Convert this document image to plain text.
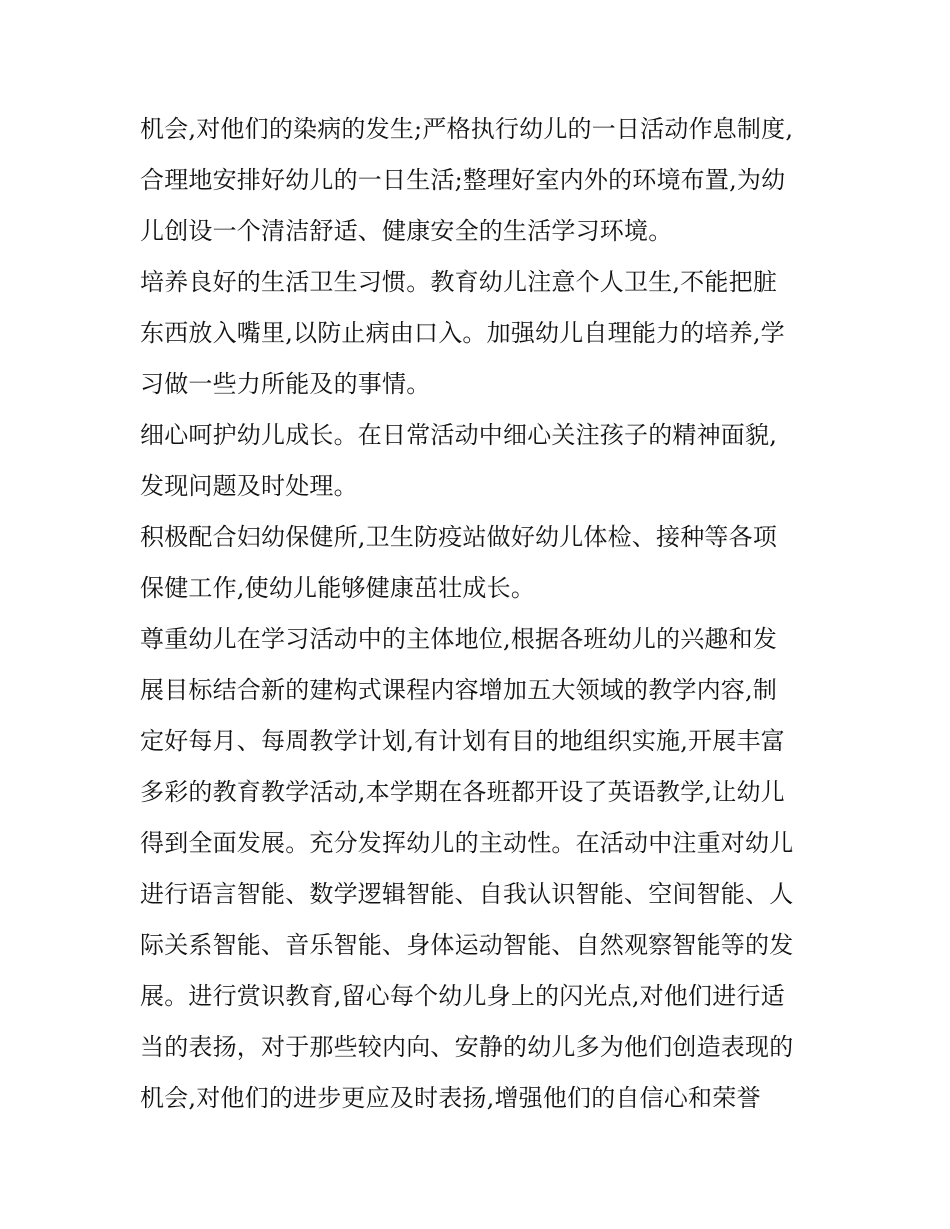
机会,对他们的染病的发生;严格执行幼儿的一日活动作息制度,
合理地安排好幼儿的一日生活;整理好室内外的环境布置,为幼
儿创设一个清洁舒适、健康安全的生活学习环境。
培养良好的生活卫生习惯。教育幼儿注意个人卫生,不能把脏
东西放入嘴里,以防止病由口入。加强幼儿自理能力的培养,学
习做一些力所能及的事情。
细心呵护幼儿成长。在日常活动中细心关注孩子的精神面貌,
发现问题及时处理。
积极配合妇幼保健所,卫生防疫站做好幼儿体检、接种等各项
保健工作,使幼儿能够健康茁壮成长。
尊重幼儿在学习活动中的主体地位,根据各班幼儿的兴趣和发
展目标结合新的建构式课程内容增加五大领域的教学内容,制
定好每月、每周教学计划,有计划有目的地组织实施,开展丰富
多彩的教育教学活动,本学期在各班都开设了英语教学,让幼儿
得到全面发展。充分发挥幼儿的主动性。在活动中注重对幼儿
进行语言智能、数学逻辑智能、自我认识智能、空间智能、人
际关系智能、音乐智能、身体运动智能、自然观察智能等的发
展。进行赏识教育,留心每个幼儿身上的闪光点,对他们进行适
当的表扬，对于那些较内向、安静的幼儿多为他们创造表现的
机会,对他们的进步更应及时表扬,增强他们的自信心和荣誉
